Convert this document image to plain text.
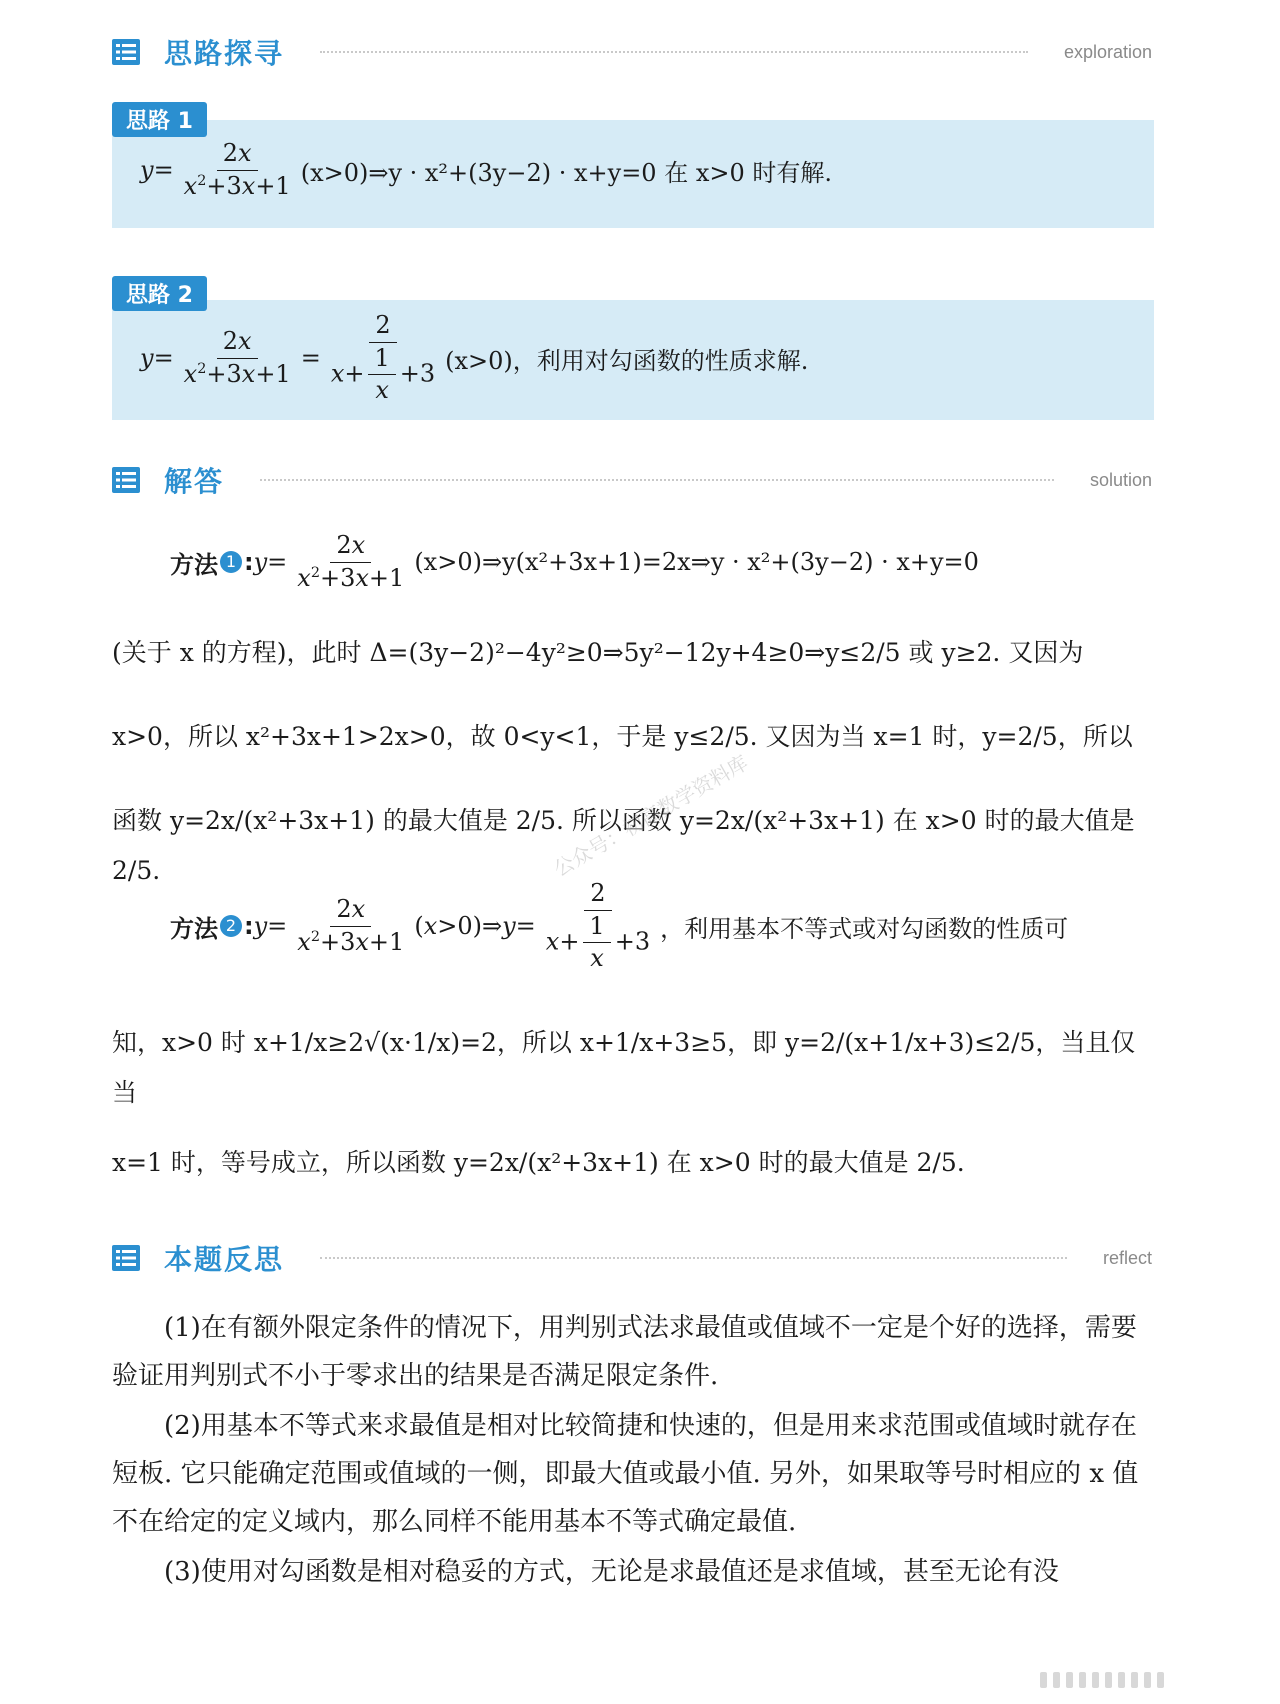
思路探寻	exploration
思路 1
$y = \frac{2x}{x^2+3x+1}$ (x>0)⇒y · x²+(3y−2) · x+y=0 在 x>0 时有解.
思路 2
$y = \frac{2x}{x^2+3x+1} = \frac{2}{x+ \frac{1}{x} +3} (x>0)$，利用对勾函数的性质求解.
解答	solution
方法 1 : $y = \frac{2x}{x^2+3x+1}$ (x>0)⇒y(x²+3x+1)=2x⇒y · x²+(3y−2) · x+y=0
(关于 x 的方程)，此时 Δ=(3y−2)²−4y²≥0⇒5y²−12y+4≥0⇒y≤2/5 或 y≥2. 又因为
x>0，所以 x²+3x+1>2x>0，故 0<y<1，于是 y≤2/5. 又因为当 x=1 时，y=2/5，所以
函数 y=2x/(x²+3x+1) 的最大值是 2/5. 所以函数 y=2x/(x²+3x+1) 在 x>0 时的最大值是 2/5.	公众号：初高数学资料库
方法 2 : $y = \frac{2x}{x^2+3x+1}$ ( x >0)⇒ $y = \frac{2}{x+ \frac{1}{x} +3}$ ，利用基本不等式或对勾函数的性质可
知，x>0 时 x+1/x≥2√(x·1/x)=2，所以 x+1/x+3≥5，即 y=2/(x+1/x+3)≤2/5，当且仅当
x=1 时，等号成立，所以函数 y=2x/(x²+3x+1) 在 x>0 时的最大值是 2/5.
本题反思	reflect
(1)在有额外限定条件的情况下，用判别式法求最值或值域不一定是个好的选择，需要验证用判别式不小于零求出的结果是否满足限定条件.
(2)用基本不等式来求最值是相对比较简捷和快速的，但是用来求范围或值域时就存在短板. 它只能确定范围或值域的一侧，即最大值或最小值. 另外，如果取等号时相应的 x 值不在给定的定义域内，那么同样不能用基本不等式确定最值.
(3)使用对勾函数是相对稳妥的方式，无论是求最值还是求值域，甚至无论有没
